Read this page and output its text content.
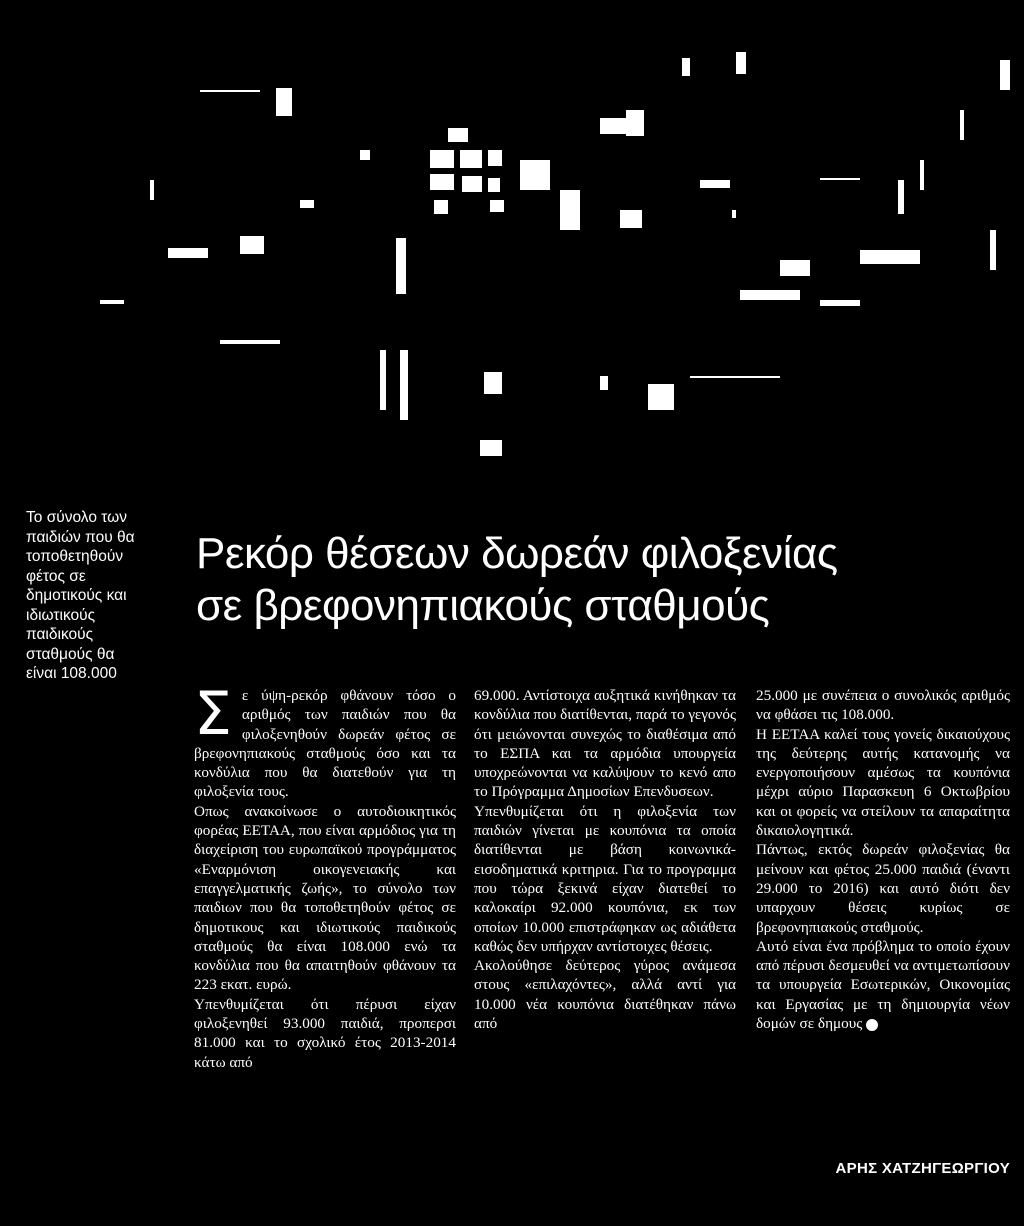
Το σύνολο των παιδιών που θα τοποθετηθούν φέτος σε δημοτικούς και ιδιωτικούς παιδικούς σταθμούς θα είναι 108.000
Ρεκόρ θέσεων δωρεάν φιλοξενίας
σε βρεφονηπιακούς σταθμούς

Σε ύψη-ρεκόρ φθάνουν τόσο ο αριθμός των παιδιών που θα φιλοξενηθούν δωρεάν φέτος σε βρεφονηπιακούς σταθμούς όσο και τα κονδύλια που θα διατεθούν για τη φιλοξενία τους.

Οπως ανακοίνωσε ο αυτοδιοικητικός φορέας ΕΕΤΑΑ, που είναι αρμόδιος για τη διαχείριση του ευρωπαϊκού προγράμματος «Εναρμόνιση οικογενειακής και επαγγελματικής ζωής», το σύνολο των παιδιων που θα τοποθετηθούν φέτος σε δημοτικους και ιδιωτικούς παιδικούς σταθμούς θα είναι 108.000 ενώ τα κονδύλια που θα απαιτηθούν φθάνουν τα 223 εκατ. ευρώ.

Υπενθυμίζεται ότι πέρυσι είχαν φιλοξενηθεί 93.000 παιδιά, προπερσι 81.000 και το σχολικό έτος 2013-2014 κάτω από

69.000. Αντίστοιχα αυξητικά κινήθηκαν τα κονδύλια που διατίθενται, παρά το γεγονός ότι μειώνονται συνεχώς το διαθέσιμα από το ΕΣΠΑ και τα αρμόδια υπουργεία υποχρεώνονται να καλύψουν το κενό απο το Πρόγραμμα Δημοσίων Επενδυσεων.

Υπενθυμίζεται ότι η φιλοξενία των παιδιών γίνεται με κουπόνια τα οποία διατίθενται με βάση κοινωνικά-εισοδηματικά κριτηρια. Για το προγραμμα που τώρα ξεκινά είχαν διατεθεί το καλοκαίρι 92.000 κουπόνια, εκ των οποίων 10.000 επιστράφηκαν ως αδιάθετα καθώς δεν υπήρχαν αντίστοιχες θέσεις.

Ακολούθησε δεύτερος γύρος ανάμεσα στους «επιλαχόντες», αλλά αντί για 10.000 νέα κουπόνια διατέθηκαν πάνω από

25.000 με συνέπεια ο συνολικός αριθμός να φθάσει τις 108.000.

Η ΕΕΤΑΑ καλεί τους γονείς δικαιούχους της δεύτερης αυτής κατανομής να ενεργοποιήσουν αμέσως τα κουπόνια μέχρι αύριο Παρασκευη 6 Οκτωβρίου και οι φορείς να στείλουν τα απαραίτητα δικαιολογητικά.

Πάντως, εκτός δωρεάν φιλοξενίας θα μείνουν και φέτος 25.000 παιδιά (έναντι 29.000 το 2016) και αυτό διότι δεν υπαρχουν θέσεις κυρίως σε βρεφονηπιακούς σταθμούς.

Αυτό είναι ένα πρόβλημα το οποίο έχουν από πέρυσι δεσμευθεί να αντιμετωπίσουν τα υπουργεία Εσωτερικών, Οικονομίας και Εργασίας με τη δημιουργία νέων δομών σε δημους

ΑΡΗΣ ΧΑΤΖΗΓΕΩΡΓΙΟΥ
